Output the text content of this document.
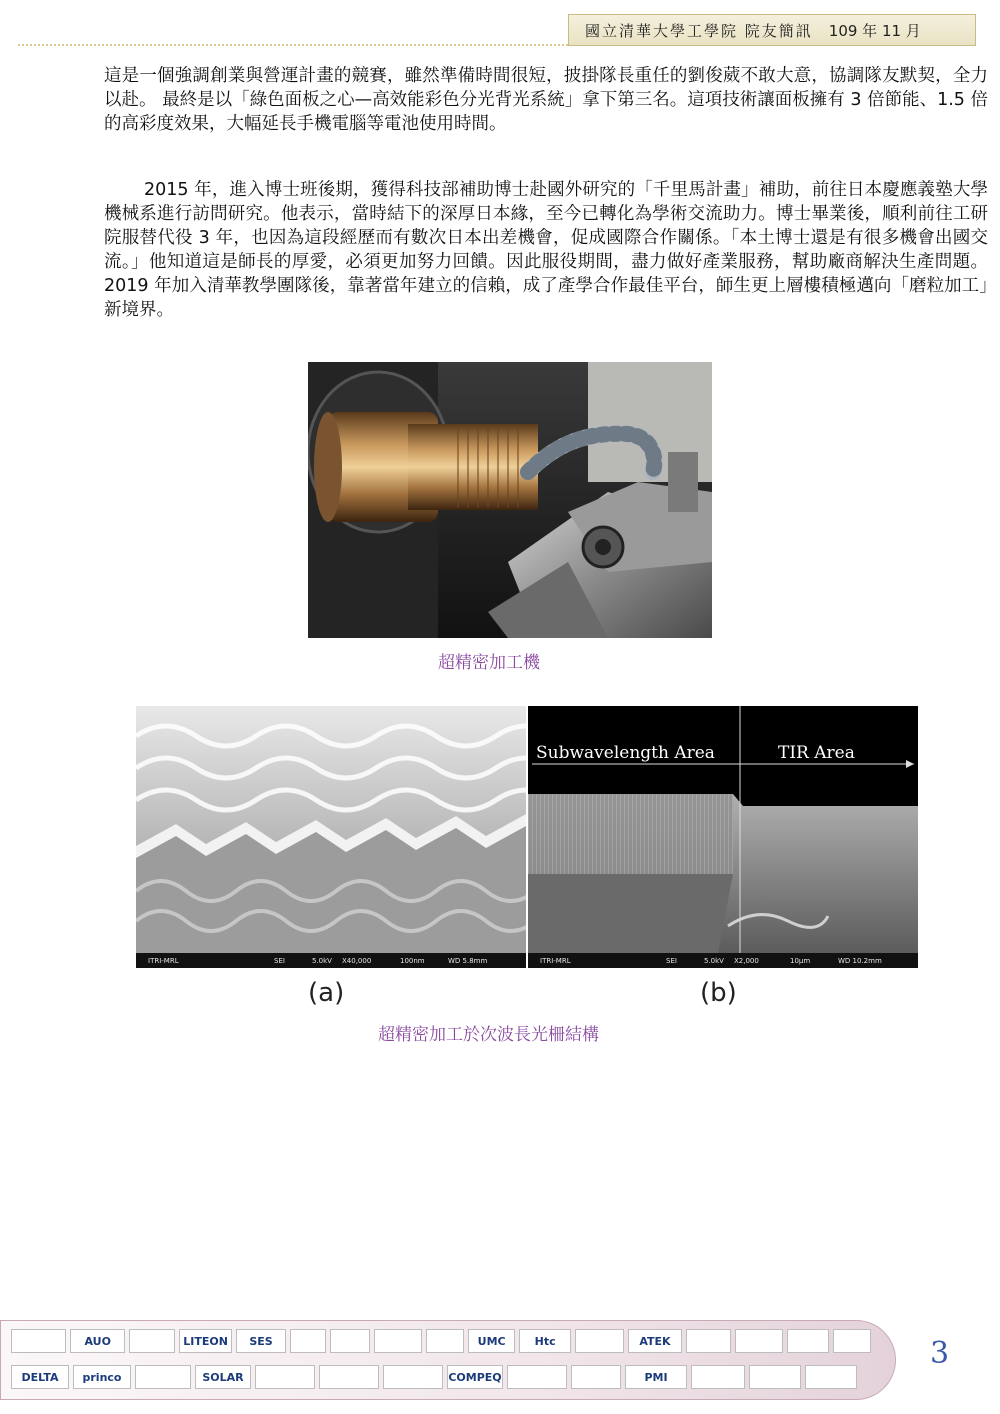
國立清華大學工學院 院友簡訊 109 年 11 月

這是一個強調創業與營運計畫的競賽，雖然準備時間很短，披掛隊長重任的劉俊葳不敢大意，協調隊友默契，全力以赴。 最終是以「綠色面板之心—高效能彩色分光背光系統」拿下第三名。這項技術讓面板擁有 3 倍節能、1.5 倍的高彩度效果，大幅延長手機電腦等電池使用時間。

2015 年，進入博士班後期，獲得科技部補助博士赴國外研究的「千里馬計畫」補助，前往日本慶應義塾大學機械系進行訪問研究。他表示，當時結下的深厚日本緣，至今已轉化為學術交流助力。博士畢業後，順利前往工研院服替代役 3 年，也因為這段經歷而有數次日本出差機會，促成國際合作關係。「本土博士還是有很多機會出國交流。」他知道這是師長的厚愛，必須更加努力回饋。因此服役期間，盡力做好產業服務，幫助廠商解決生產問題。2019 年加入清華教學團隊後，靠著當年建立的信賴，成了產學合作最佳平台，師生更上層樓積極邁向「磨粒加工」新境界。

超精密加工機
ITRI-MRL	SEI	5.0kV X40,000	100nm	WD 5.8mm
Subwavelength Area	TIR Area
ITRI-MRL	SEI	5.0kV X2,000	10μm	WD 10.2mm
(a)	(b)
超精密加工於次波長光柵結構
AUO	LITEON	SES	UMC	Htc	ATEK
DELTA	princo	SOLAR	COMPEQ	PMI
3
